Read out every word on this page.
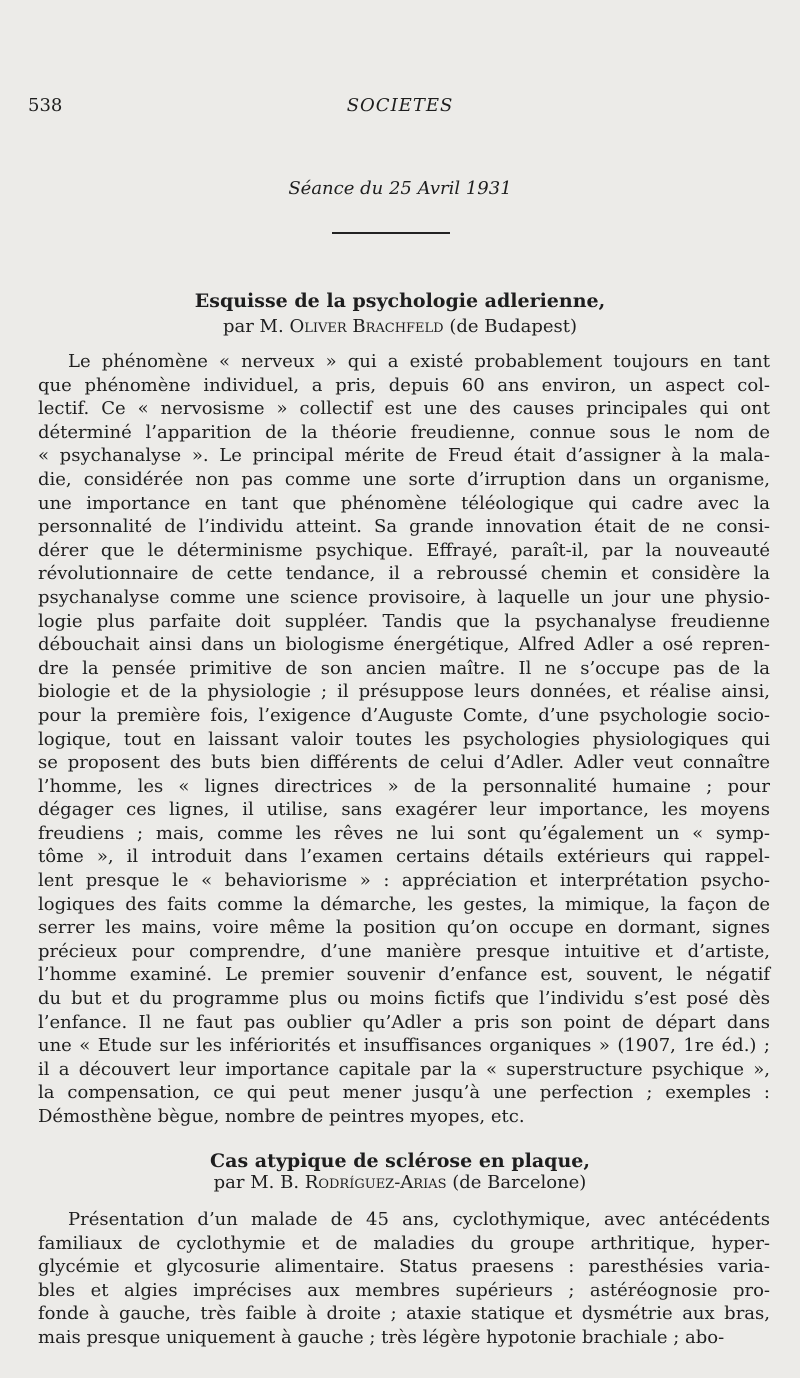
538	SOCIETES
Séance du 25 Avril 1931
Esquisse de la psychologie adlerienne,
par M. Oliver Brachfeld (de Budapest)
Le phénomène « nerveux » qui a existé probablement toujours en tant
que phénomène individuel, a pris, depuis 60 ans environ, un aspect col-
lectif. Ce « nervosisme » collectif est une des causes principales qui ont
déterminé l’apparition de la théorie freudienne, connue sous le nom de
« psychanalyse ». Le principal mérite de Freud était d’assigner à la mala-
die, considérée non pas comme une sorte d’irruption dans un organisme,
une importance en tant que phénomène téléologique qui cadre avec la
personnalité de l’individu atteint. Sa grande innovation était de ne consi-
dérer que le déterminisme psychique. Effrayé, paraît-il, par la nouveauté
révolutionnaire de cette tendance, il a rebroussé chemin et considère la
psychanalyse comme une science provisoire, à laquelle un jour une physio-
logie plus parfaite doit suppléer. Tandis que la psychanalyse freudienne
débouchait ainsi dans un biologisme énergétique, Alfred Adler a osé repren-
dre la pensée primitive de son ancien maître. Il ne s’occupe pas de la
biologie et de la physiologie ; il présuppose leurs données, et réalise ainsi,
pour la première fois, l’exigence d’Auguste Comte, d’une psychologie socio-
logique, tout en laissant valoir toutes les psychologies physiologiques qui
se proposent des buts bien différents de celui d’Adler. Adler veut connaître
l’homme, les « lignes directrices » de la personnalité humaine ; pour
dégager ces lignes, il utilise, sans exagérer leur importance, les moyens
freudiens ; mais, comme les rêves ne lui sont qu’également un « symp-
tôme », il introduit dans l’examen certains détails extérieurs qui rappel-
lent presque le « behaviorisme » : appréciation et interprétation psycho-
logiques des faits comme la démarche, les gestes, la mimique, la façon de
serrer les mains, voire même la position qu’on occupe en dormant, signes
précieux pour comprendre, d’une manière presque intuitive et d’artiste,
l’homme examiné. Le premier souvenir d’enfance est, souvent, le négatif
du but et du programme plus ou moins fictifs que l’individu s’est posé dès
l’enfance. Il ne faut pas oublier qu’Adler a pris son point de départ dans
une « Etude sur les infériorités et insuffisances organiques » (1907, 1re éd.) ;
il a découvert leur importance capitale par la « superstructure psychique »,
la compensation, ce qui peut mener jusqu’à une perfection ; exemples :
Démosthène bègue, nombre de peintres myopes, etc.
Cas atypique de sclérose en plaque,
par M. B. Rodríguez-Arias (de Barcelone)
Présentation d’un malade de 45 ans, cyclothymique, avec antécédents
familiaux de cyclothymie et de maladies du groupe arthritique, hyper-
glycémie et glycosurie alimentaire. Status praesens : paresthésies varia-
bles et algies imprécises aux membres supérieurs ; astéréognosie pro-
fonde à gauche, très faible à droite ; ataxie statique et dysmétrie aux bras,
mais presque uniquement à gauche ; très légère hypotonie brachiale ; abo-
